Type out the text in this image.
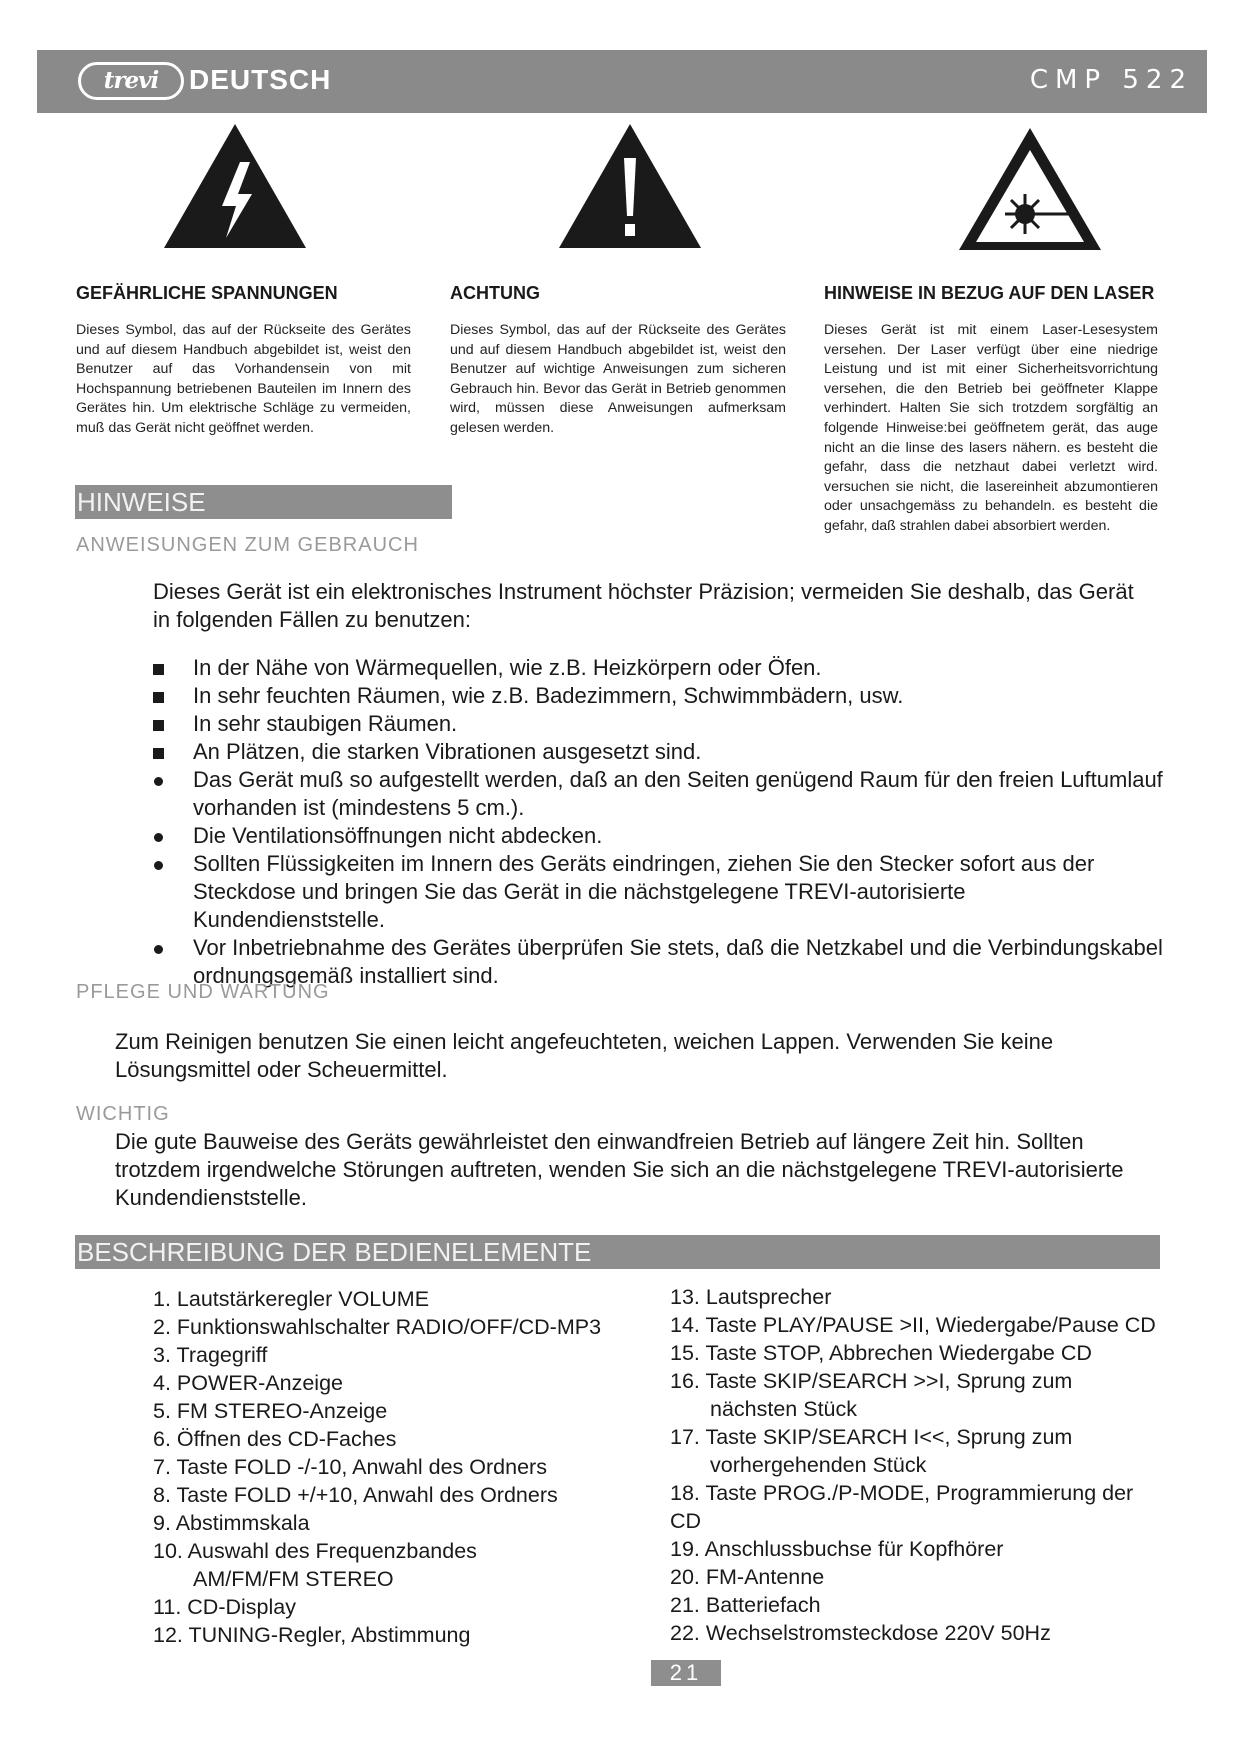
trevi	DEUTSCH	CMP 522
GEFÄHRLICHE SPANNUNGEN
Dieses Symbol, das auf der Rückseite des Gerätes und auf diesem Handbuch abgebildet ist, weist den Benutzer auf das Vorhandensein von mit Hochspannung betriebenen Bauteilen im Innern des Gerätes hin. Um elektrische Schläge zu vermeiden, muß das Gerät nicht geöffnet werden.
ACHTUNG
Dieses Symbol, das auf der Rückseite des Gerätes und auf diesem Handbuch abgebildet ist, weist den Benutzer auf wichtige Anweisungen zum sicheren Gebrauch hin. Bevor das Gerät in Betrieb genommen wird, müssen diese Anweisungen aufmerksam gelesen werden.
HINWEISE IN BEZUG AUF DEN LASER
Dieses Gerät ist mit einem Laser-Lesesystem versehen. Der Laser verfügt über eine niedrige Leistung und ist mit einer Sicherheitsvorrichtung versehen, die den Betrieb bei geöffneter Klappe verhindert. Halten Sie sich trotzdem sorgfältig an folgende Hinweise:bei geöffnetem gerät, das auge nicht an die linse des lasers nähern. es besteht die gefahr, dass die netzhaut dabei verletzt wird. versuchen sie nicht, die lasereinheit abzumontieren oder unsachgemäss zu behandeln. es besteht die gefahr, daß strahlen dabei absorbiert werden.
HINWEISE
ANWEISUNGEN ZUM GEBRAUCH
Dieses Gerät ist ein elektronisches Instrument höchster Präzision; vermeiden Sie deshalb, das Gerät in folgenden Fällen zu benutzen:
In der Nähe von Wärmequellen, wie z.B. Heizkörpern oder Öfen.
In sehr feuchten Räumen, wie z.B. Badezimmern, Schwimmbädern, usw.
In sehr staubigen Räumen.
An Plätzen, die starken Vibrationen ausgesetzt sind.
Das Gerät muß so aufgestellt werden, daß an den Seiten genügend Raum für den freien Luftumlauf vorhanden ist (mindestens 5 cm.).
Die Ventilationsöffnungen nicht abdecken.
Sollten Flüssigkeiten im Innern des Geräts eindringen, ziehen Sie den Stecker sofort aus der Steckdose und bringen Sie das Gerät in die nächstgelegene TREVI-autorisierte Kundendienststelle.
Vor Inbetriebnahme des Gerätes überprüfen Sie stets, daß die Netzkabel und die Verbindungskabel ordnungsgemäß installiert sind.
PFLEGE UND WARTUNG
Zum Reinigen benutzen Sie einen leicht angefeuchteten, weichen Lappen. Verwenden Sie keine Lösungsmittel oder Scheuermittel.
WICHTIG
Die gute Bauweise des Geräts gewährleistet den einwandfreien Betrieb auf längere Zeit hin. Sollten trotzdem irgendwelche Störungen auftreten, wenden Sie sich an die nächstgelegene TREVI-autorisierte Kundendienststelle.
BESCHREIBUNG DER BEDIENELEMENTE
1. Lautstärkeregler VOLUME
2. Funktionswahlschalter RADIO/OFF/CD-MP3
3. Tragegriff
4. POWER-Anzeige
5. FM STEREO-Anzeige
6. Öffnen des CD-Faches
7. Taste FOLD -/-10, Anwahl des Ordners
8. Taste FOLD +/+10, Anwahl des Ordners
9. Abstimmskala
10. Auswahl des Frequenzbandes
AM/FM/FM STEREO
11. CD-Display
12. TUNING-Regler, Abstimmung
13. Lautsprecher
14. Taste PLAY/PAUSE >II, Wiedergabe/Pause CD
15. Taste STOP, Abbrechen Wiedergabe CD
16. Taste SKIP/SEARCH >>I, Sprung zum
nächsten Stück
17. Taste SKIP/SEARCH I<<, Sprung zum
vorhergehenden Stück
18. Taste PROG./P-MODE, Programmierung der CD
19. Anschlussbuchse für Kopfhörer
20. FM-Antenne
21. Batteriefach
22. Wechselstromsteckdose 220V 50Hz
21
